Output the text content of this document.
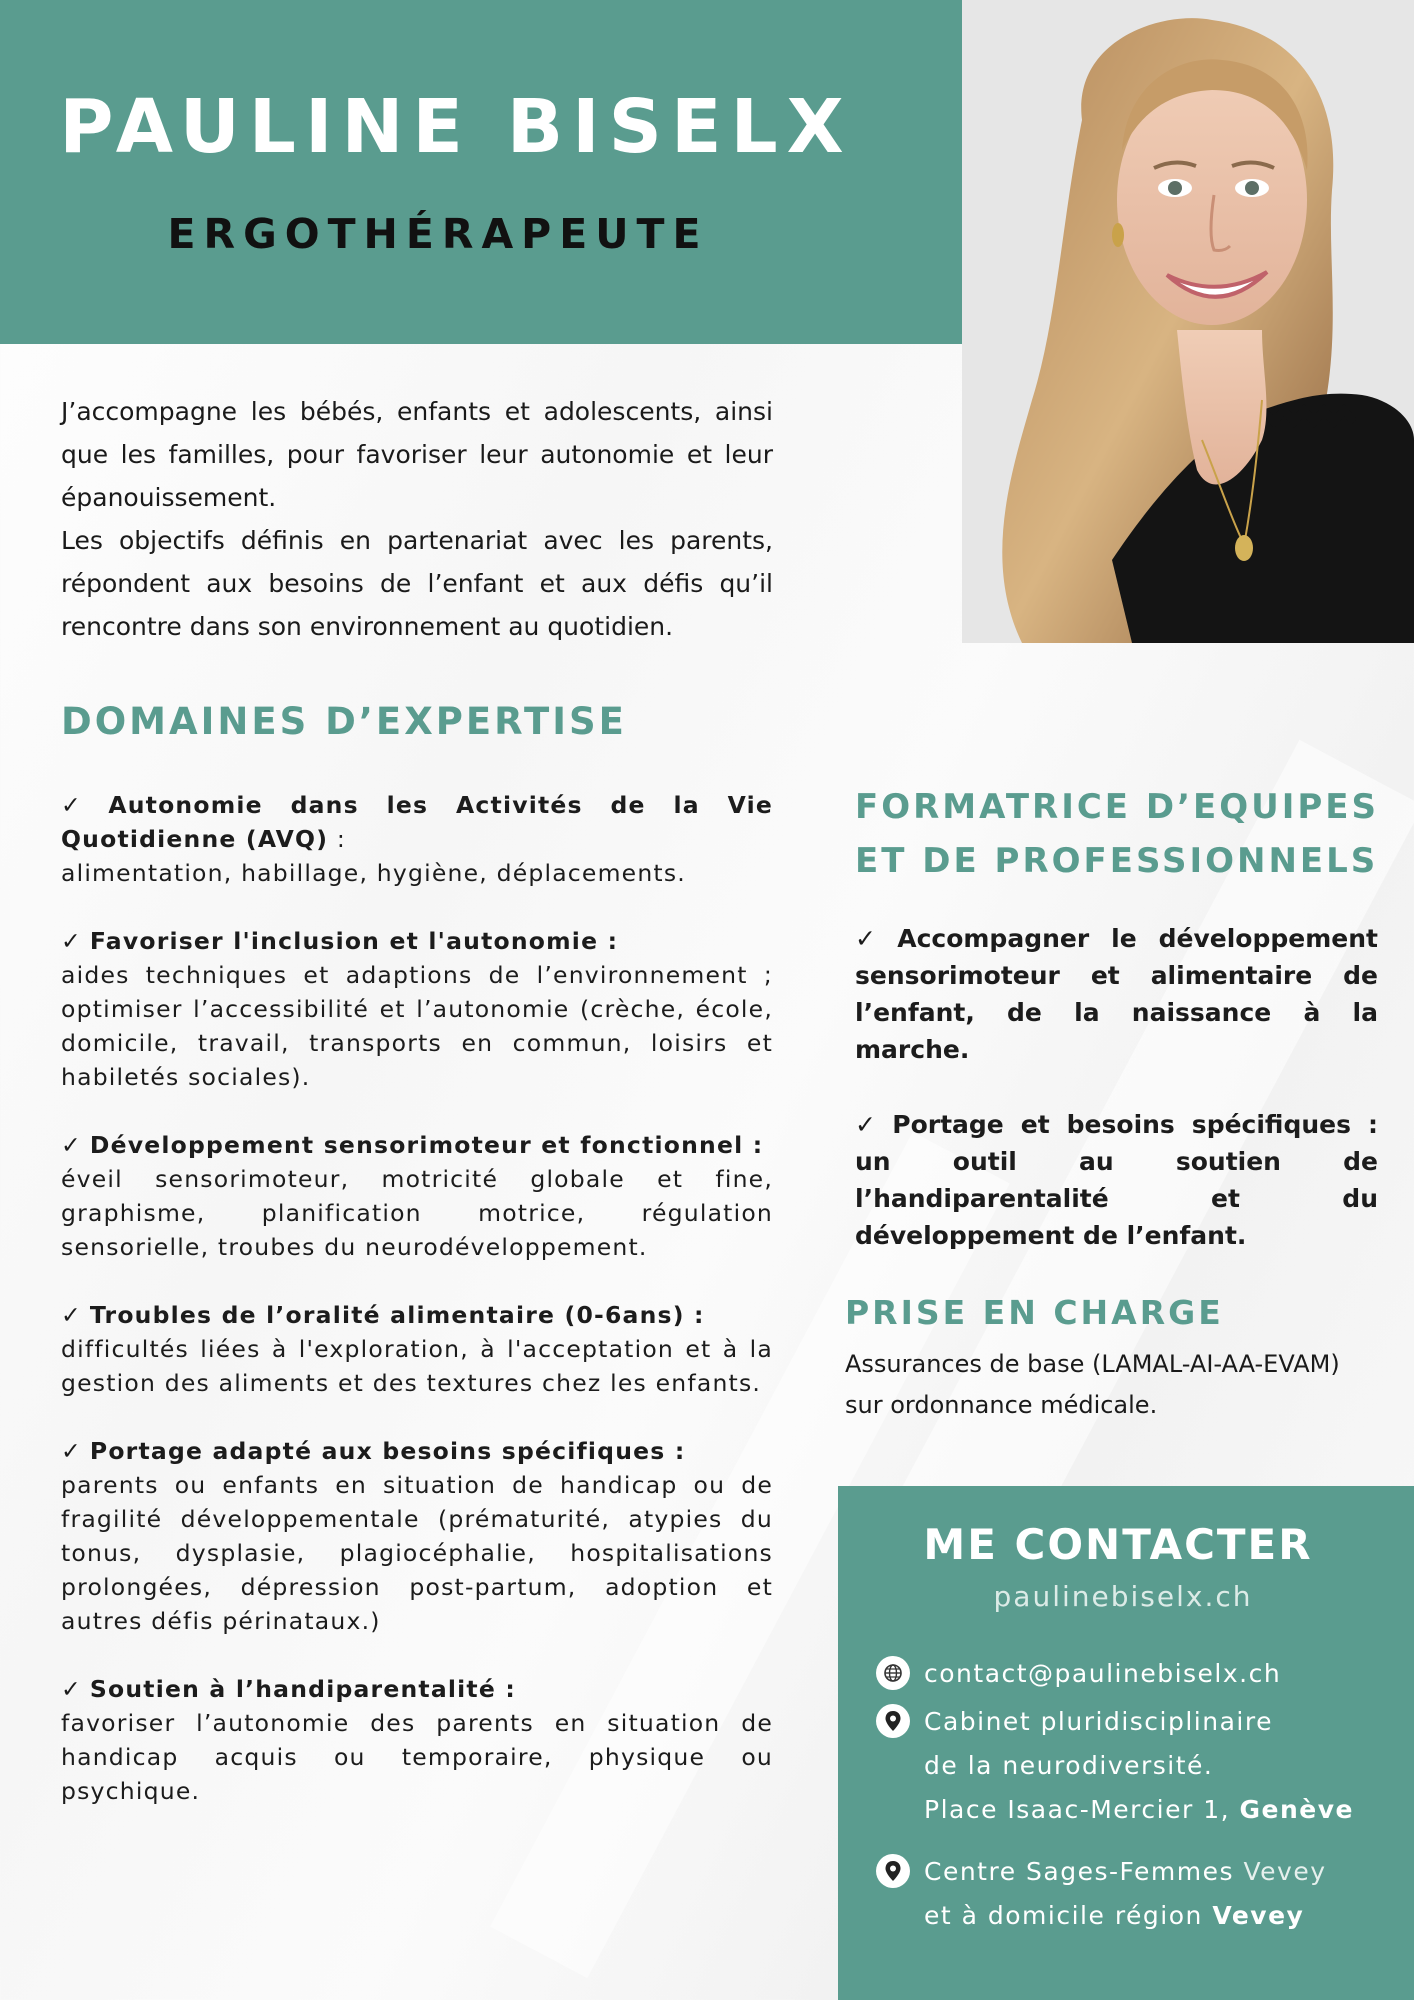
PAULINE BISELX
ERGOTHÉRAPEUTE

J’accompagne les bébés, enfants et adolescents, ainsi que les familles, pour favoriser leur autonomie et leur épanouissement.

Les objectifs définis en partenariat avec les parents, répondent aux besoins de l’enfant et aux défis qu’il rencontre dans son environnement au quotidien.

DOMAINES D’EXPERTISE
✓ Autonomie dans les Activités de la Vie Quotidienne (AVQ) :
alimentation, habillage, hygiène, déplacements.
✓ Favoriser l'inclusion et l'autonomie :
aides techniques et adaptions de l’environnement ; optimiser l’accessibilité et l’autonomie (crèche, école, domicile, travail, transports en commun, loisirs et habiletés sociales).
✓ Développement sensorimoteur et fonctionnel :
éveil sensorimoteur, motricité globale et fine, graphisme, planification motrice, régulation sensorielle, troubes du neurodéveloppement.
✓ Troubles de l’oralité alimentaire (0-6ans) :
difficultés liées à l'exploration, à l'acceptation et à la gestion des aliments et des textures chez les enfants.
✓ Portage adapté aux besoins spécifiques :
parents ou enfants en situation de handicap ou de fragilité développementale (prématurité, atypies du tonus, dysplasie, plagiocéphalie, hospitalisations prolongées, dépression post-partum, adoption et autres défis périnataux.)
✓ Soutien à l’handiparentalité :
favoriser l’autonomie des parents en situation de handicap acquis ou temporaire, physique ou psychique.
FORMATRICE D’EQUIPES
ET DE PROFESSIONNELS

✓ Accompagner le développement sensorimoteur et alimentaire de l’enfant, de la naissance à la marche.

✓ Portage et besoins spécifiques : un outil au soutien de l’handiparentalité et du développement de l’enfant.

PRISE EN CHARGE

Assurances de base (LAMAL-AI-AA-EVAM)

sur ordonnance médicale.

ME CONTACTER
paulinebiselx.ch
contact@paulinebiselx.ch
Cabinet pluridisciplinaire
de la neurodiversité.
Place Isaac-Mercier 1, Genève
Centre Sages-Femmes Vevey
et à domicile région Vevey
